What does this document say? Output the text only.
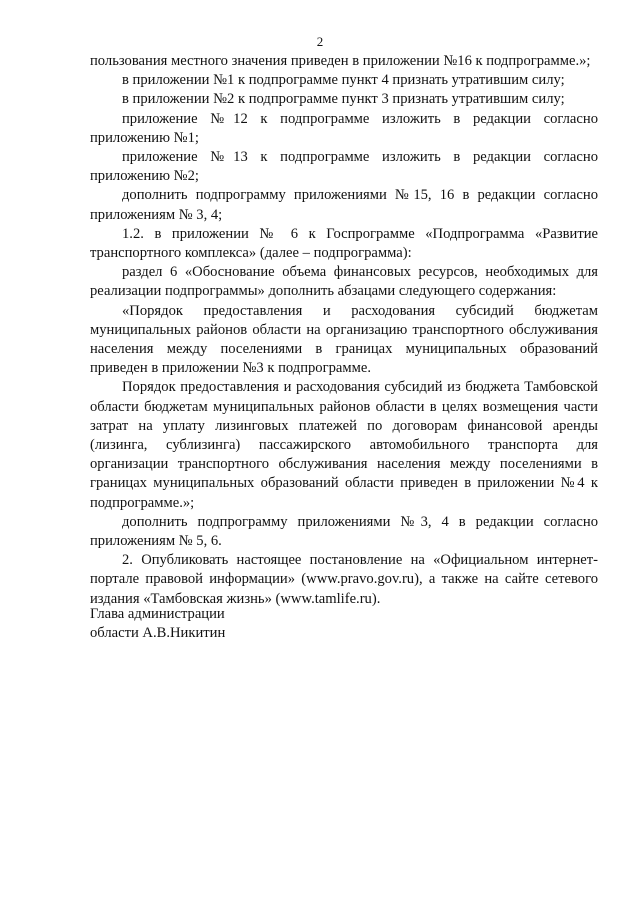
2

пользования местного значения приведен в приложении №16 к подпрограмме.»;

в приложении №1 к подпрограмме пункт 4 признать утратившим силу;

в приложении №2 к подпрограмме пункт 3 признать утратившим силу;

приложение №12 к подпрограмме изложить в редакции согласно приложению №1;

приложение №13 к подпрограмме изложить в редакции согласно приложению №2;

дополнить подпрограмму приложениями №15, 16 в редакции согласно приложениям № 3, 4;

1.2. в приложении № 6 к Госпрограмме «Подпрограмма «Развитие транспортного комплекса» (далее – подпрограмма):

раздел 6 «Обоснование объема финансовых ресурсов, необходимых для реализации подпрограммы» дополнить абзацами следующего содержания:

«Порядок предоставления и расходования субсидий бюджетам муниципальных районов области на организацию транспортного обслуживания населения между поселениями в границах муниципальных образований приведен в приложении №3 к подпрограмме.

Порядок предоставления и расходования субсидий из бюджета Тамбовской области бюджетам муниципальных районов области в целях возмещения части затрат на уплату лизинговых платежей по договорам финансовой аренды (лизинга, сублизинга) пассажирского автомобильного транспорта для организации транспортного обслуживания населения между поселениями в границах муниципальных образований области приведен в приложении №4 к подпрограмме.»;

дополнить подпрограмму приложениями №3, 4 в редакции согласно приложениям № 5, 6.

2. Опубликовать настоящее постановление на «Официальном интернет-портале правовой информации» (www.pravo.gov.ru), а также на сайте сетевого издания «Тамбовская жизнь» (www.tamlife.ru).

Глава администрации
области А.В.Никитин
